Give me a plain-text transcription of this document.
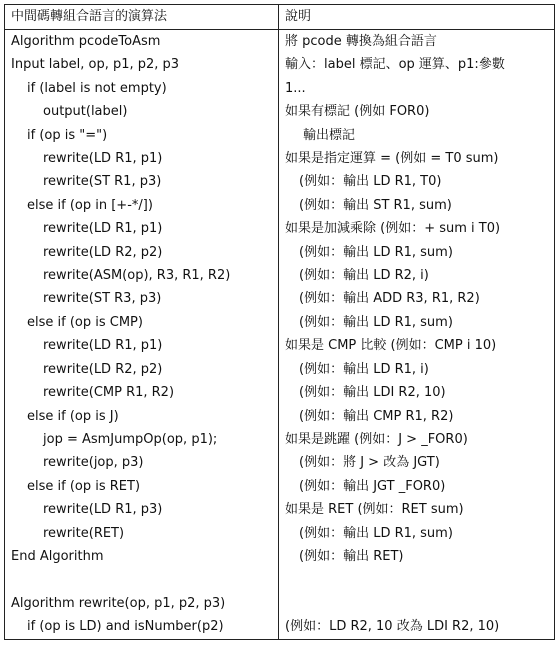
中間碼轉組合語言的演算法	說明
Algorithm pcodeToAsm	將 pcode 轉換為組合語言
Input label, op, p1, p2, p3	輸入：label 標記、op 運算、p1:參數
if (label is not empty)	1...
output(label)	如果有標記 (例如 FOR0)
if (op is "=")	輸出標記
rewrite(LD R1, p1)	如果是指定運算 = (例如 = T0 sum)
rewrite(ST R1, p3)	(例如：輸出 LD R1, T0)
else if (op in [+-*/])	(例如：輸出 ST R1, sum)
rewrite(LD R1, p1)	如果是加減乘除 (例如：+ sum i T0)
rewrite(LD R2, p2)	(例如：輸出 LD R1, sum)
rewrite(ASM(op), R3, R1, R2)	(例如：輸出 LD R2, i)
rewrite(ST R3, p3)	(例如：輸出 ADD R3, R1, R2)
else if (op is CMP)	(例如：輸出 LD R1, sum)
rewrite(LD R1, p1)	如果是 CMP 比較 (例如：CMP i 10)
rewrite(LD R2, p2)	(例如：輸出 LD R1, i)
rewrite(CMP R1, R2)	(例如：輸出 LDI R2, 10)
else if (op is J)	(例如：輸出 CMP R1, R2)
jop = AsmJumpOp(op, p1);	如果是跳躍 (例如：J > _FOR0)
rewrite(jop, p3)	(例如：將 J > 改為 JGT)
else if (op is RET)	(例如：輸出 JGT _FOR0)
rewrite(LD R1, p3)	如果是 RET (例如：RET sum)
rewrite(RET)	(例如：輸出 LD R1, sum)
End Algorithm	(例如：輸出 RET)

Algorithm rewrite(op, p1, p2, p3)	
if (op is LD) and isNumber(p2)	(例如：LD R2, 10 改為 LDI R2, 10)
